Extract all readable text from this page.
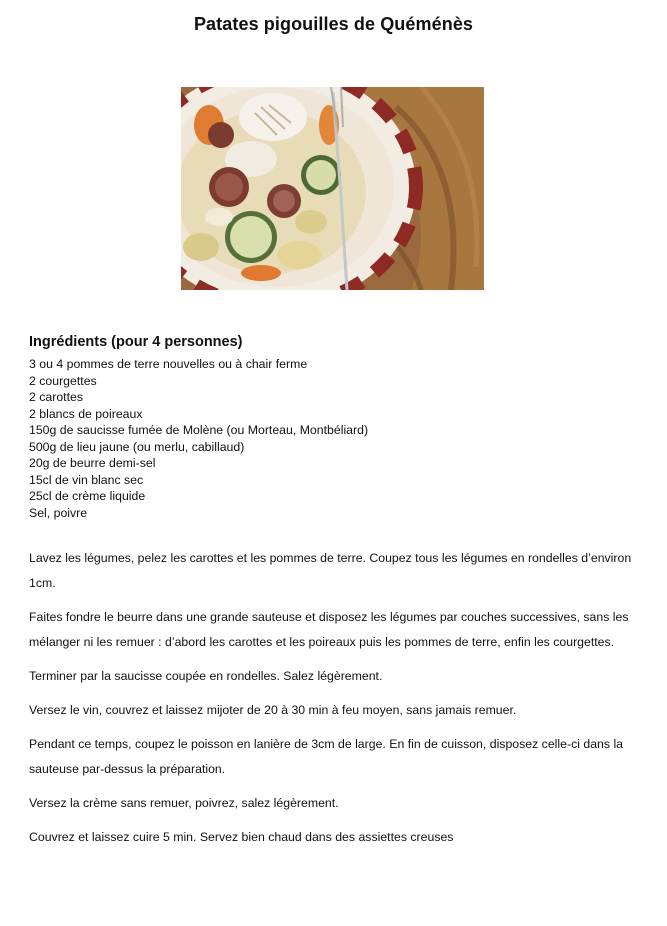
Patates pigouilles de Quéménès
Ingrédients (pour 4 personnes)
3 ou 4 pommes de terre nouvelles ou à chair ferme
2 courgettes
2 carottes
2 blancs de poireaux
150g de saucisse fumée de Molène (ou Morteau, Montbéliard)
500g de lieu jaune (ou merlu, cabillaud)
20g de beurre demi-sel
15cl de vin blanc sec
25cl de crème liquide
Sel, poivre

Lavez les légumes, pelez les carottes et les pommes de terre. Coupez tous les légumes en rondelles d’environ 1cm.

Faites fondre le beurre dans une grande sauteuse et disposez les légumes par couches successives, sans les mélanger ni les remuer : d’abord les carottes et les poireaux puis les pommes de terre, enfin les courgettes.

Terminer par la saucisse coupée en rondelles. Salez légèrement.

Versez le vin, couvrez et laissez mijoter de 20 à 30 min à feu moyen, sans jamais remuer.

Pendant ce temps, coupez le poisson en lanière de 3cm de large. En fin de cuisson, disposez celle-ci dans la sauteuse par-dessus la préparation.

Versez la crème sans remuer, poivrez, salez légèrement.

Couvrez et laissez cuire 5 min. Servez bien chaud dans des assiettes creuses
